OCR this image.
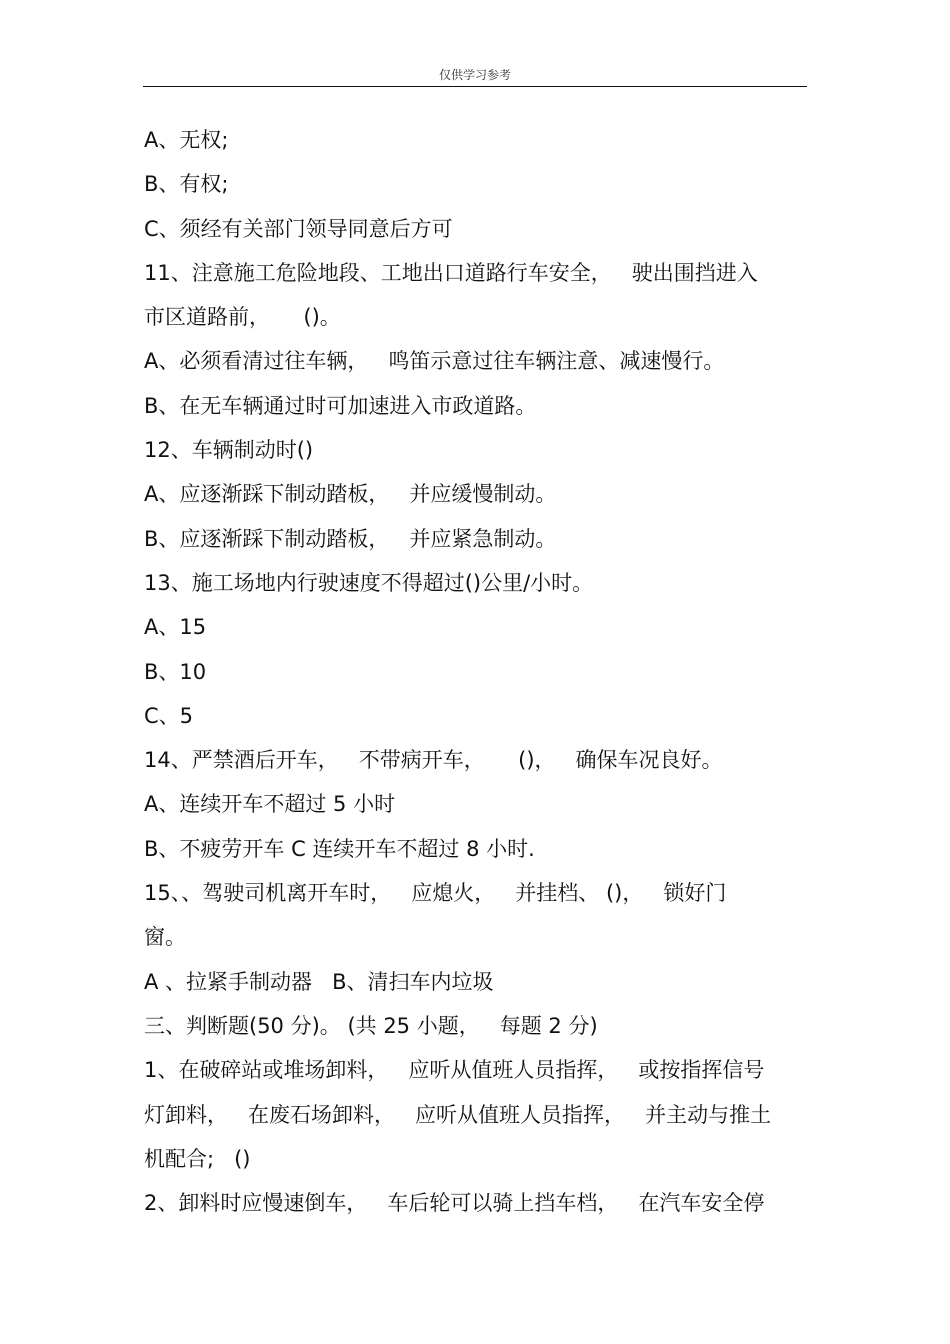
仅供学习参考
A、无权;
B、有权;
C、须经有关部门领导同意后方可
11、注意施工危险地段、工地出口道路行车安全，   驶出围挡进入
市区道路前，     ()。
A、必须看清过往车辆，   鸣笛示意过往车辆注意、减速慢行。
B、在无车辆通过时可加速进入市政道路。
12、车辆制动时()
A、应逐渐踩下制动踏板，   并应缓慢制动。
B、应逐渐踩下制动踏板，   并应紧急制动。
13、施工场地内行驶速度不得超过()公里/小时。
A、15
B、10
C、5
14、严禁酒后开车，   不带病开车，     ()，   确保车况良好。
A、连续开车不超过 5 小时
B、不疲劳开车 C 连续开车不超过 8 小时.
15、、驾驶司机离开车时，   应熄火，   并挂档、 ()，   锁好门
窗。
A 、拉紧手制动器   B、清扫车内垃圾
三、判断题(50 分)。 (共 25 小题，   每题 2 分)
1、在破碎站或堆场卸料，   应听从值班人员指挥，   或按指挥信号
灯卸料，   在废石场卸料，   应听从值班人员指挥，   并主动与推土
机配合;   ()
2、卸料时应慢速倒车，   车后轮可以骑上挡车档，   在汽车安全停
